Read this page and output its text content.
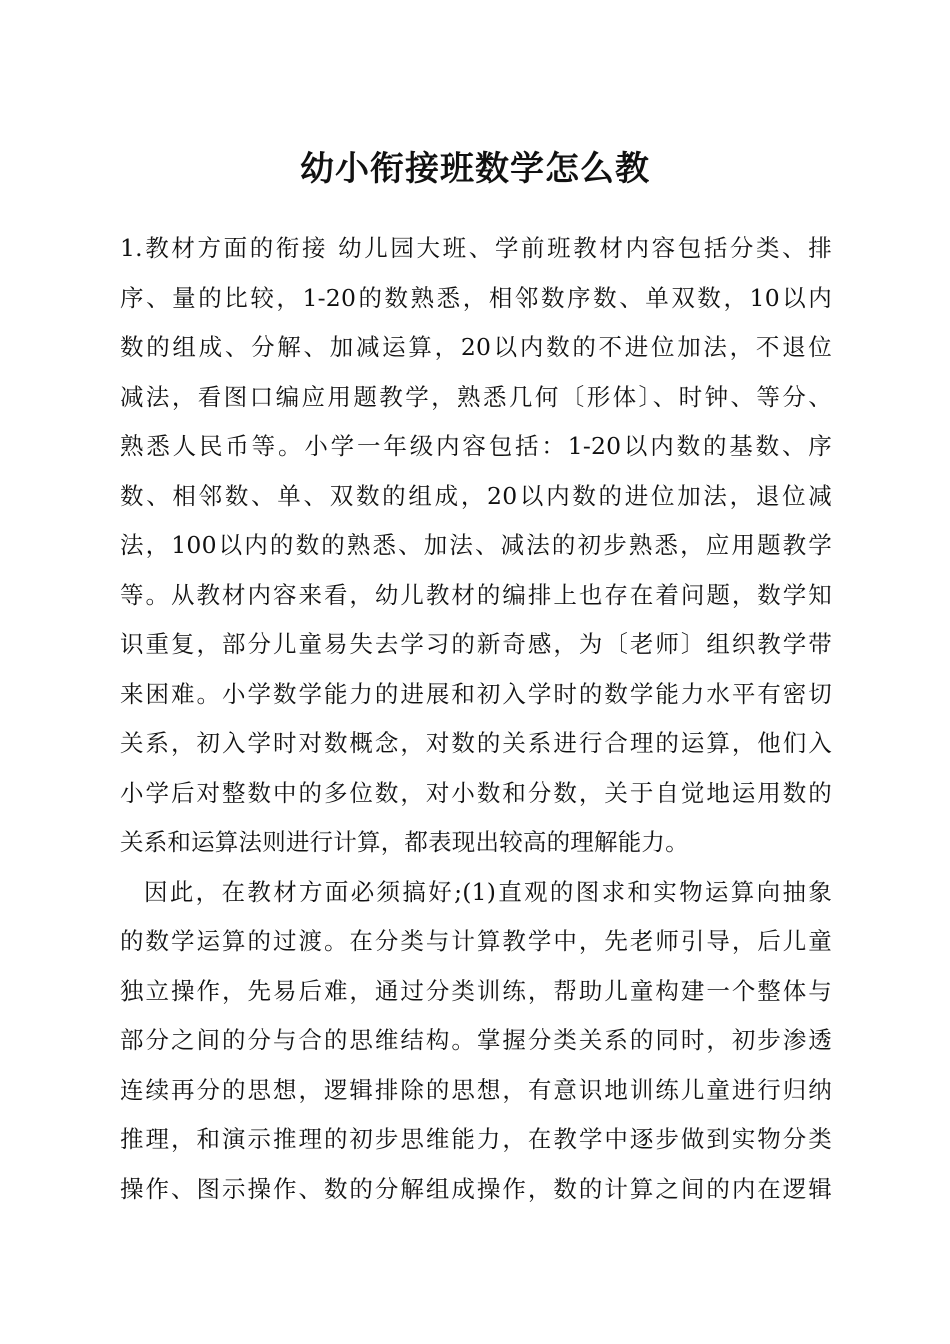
幼小衔接班数学怎么教
1.教材方面的衔接 幼儿园大班、学前班教材内容包括分类、排
序、量的比较，1-20的数熟悉，相邻数序数、单双数，10以内
数的组成、分解、加减运算，20以内数的不进位加法，不退位
减法，看图口编应用题教学，熟悉几何〔形体〕、时钟、等分、
熟悉人民币等。小学一年级内容包括：1-20以内数的基数、序
数、相邻数、单、双数的组成，20以内数的进位加法，退位减
法，100以内的数的熟悉、加法、减法的初步熟悉，应用题教学
等。从教材内容来看，幼儿教材的编排上也存在着问题，数学知
识重复，部分儿童易失去学习的新奇感，为〔老师〕组织教学带
来困难。小学数学能力的进展和初入学时的数学能力水平有密切
关系，初入学时对数概念，对数的关系进行合理的运算，他们入
小学后对整数中的多位数，对小数和分数，关于自觉地运用数的
关系和运算法则进行计算，都表现出较高的理解能力。
因此，在教材方面必须搞好;(1)直观的图求和实物运算向抽象
的数学运算的过渡。在分类与计算教学中，先老师引导，后儿童
独立操作，先易后难，通过分类训练，帮助儿童构建一个整体与
部分之间的分与合的思维结构。掌握分类关系的同时，初步渗透
连续再分的思想，逻辑排除的思想，有意识地训练儿童进行归纳
推理，和演示推理的初步思维能力，在教学中逐步做到实物分类
操作、图示操作、数的分解组成操作，数的计算之间的内在逻辑
